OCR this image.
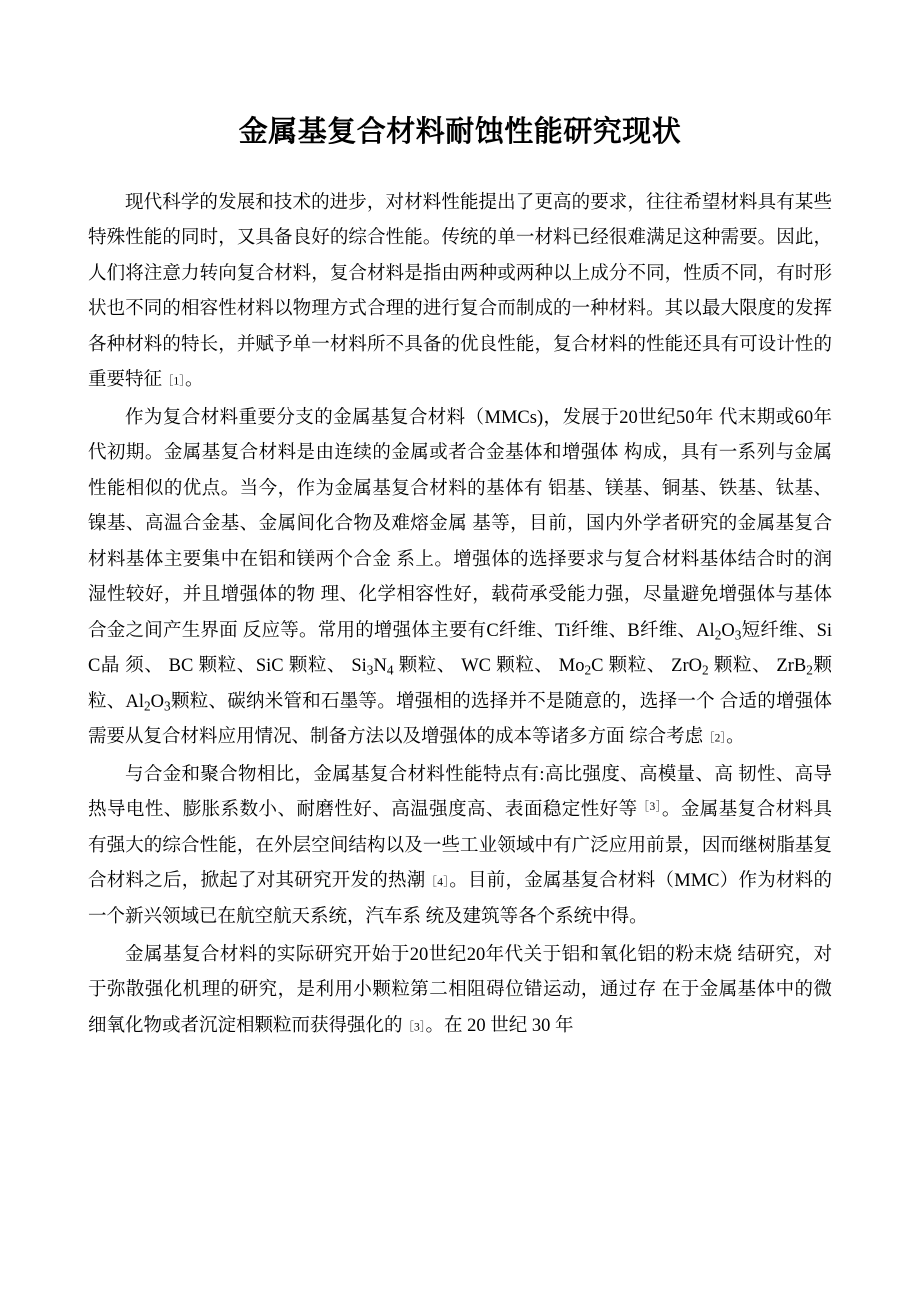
金属基复合材料耐蚀性能研究现状

现代科学的发展和技术的进步，对材料性能提出了更高的要求，往往希望材料具有某些特殊性能的同时，又具备良好的综合性能。传统的单一材料已经很难满足这种需要。因此，人们将注意力转向复合材料，复合材料是指由两种或两种以上成分不同，性质不同，有时形状也不同的相容性材料以物理方式合理的进行复合而制成的一种材料。其以最大限度的发挥各种材料的特长，并赋予单一材料所不具备的优良性能，复合材料的性能还具有可设计性的重要特征［1］。

作为复合材料重要分支的金属基复合材料（MMCs)，发展于20世纪50年 代末期或60年代初期。金属基复合材料是由连续的金属或者合金基体和增强体 构成，具有一系列与金属性能相似的优点。当今，作为金属基复合材料的基体有 铝基、镁基、铜基、铁基、钛基、镍基、高温合金基、金属间化合物及难熔金属 基等，目前，国内外学者研究的金属基复合材料基体主要集中在铝和镁两个合金 系上。增强体的选择要求与复合材料基体结合时的润湿性较好，并且增强体的物 理、化学相容性好，载荷承受能力强，尽量避免增强体与基体合金之间产生界面 反应等。常用的增强体主要有C纤维、Ti纤维、B纤维、$Al_2O_3$短纤维、SiC晶 须、 BC 颗粒、SiC 颗粒、 $Si_3N_4$ 颗粒、 WC 颗粒、 $Mo_2C$ 颗粒、 ZrO$_2$ 颗粒、 ZrB$_2$颗粒、$Al_2O_3$颗粒、碳纳米管和石墨等。增强相的选择并不是随意的，选择一个 合适的增强体需要从复合材料应用情况、制备方法以及增强体的成本等诸多方面 综合考虑［2］。

与合金和聚合物相比，金属基复合材料性能特点有:高比强度、高模量、高 韧性、高导热导电性、膨胀系数小、耐磨性好、高温强度高、表面稳定性好等$^{[3]}$。金属基复合材料具有强大的综合性能，在外层空间结构以及一些工业领域中有广泛应用前景，因而继树脂基复合材料之后，掀起了对其研究开发的热潮［4］。目前，金属基复合材料（MMC）作为材料的一个新兴领域已在航空航天系统，汽车系 统及建筑等各个系统中得。

金属基复合材料的实际研究开始于20世纪20年代关于铝和氧化铝的粉末烧 结研究，对于弥散强化机理的研究，是利用小颗粒第二相阻碍位错运动，通过存 在于金属基体中的微细氧化物或者沉淀相颗粒而获得强化的［3］。在 20 世纪 30 年
